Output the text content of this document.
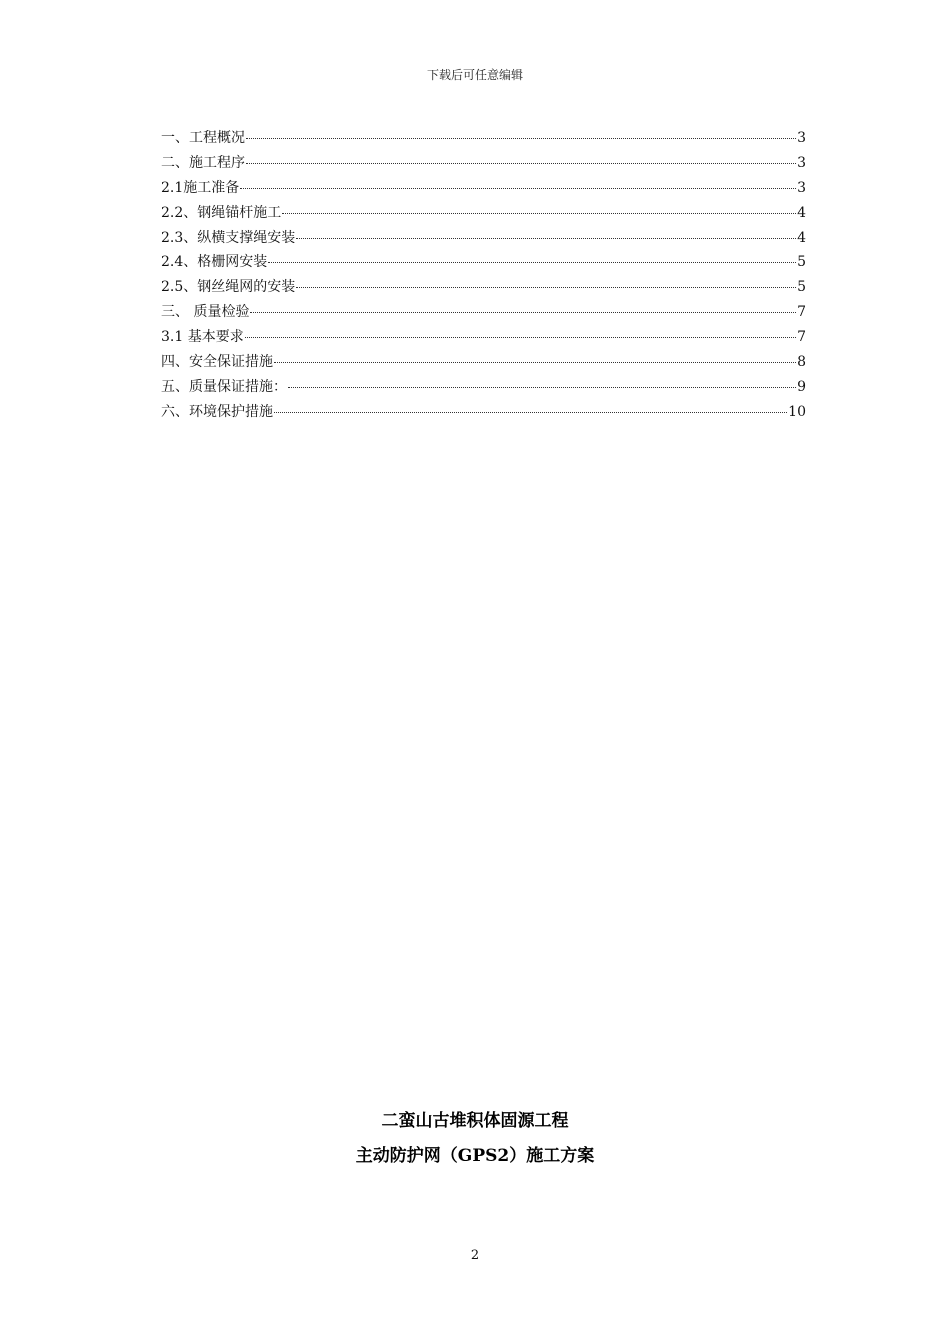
下载后可任意编辑
一、工程概况	3
二、施工程序	3
2.1施工准备	3
2.2、钢绳锚杆施工	4
2.3、纵横支撑绳安装	4
2.4、格栅网安装	5
2.5、钢丝绳网的安装	5
三、 质量检验	7
3.1 基本要求	7
四、安全保证措施	8
五、质量保证措施：	9
六、环境保护措施	10
二蛮山古堆积体固源工程
主动防护网（GPS2）施工方案
2
